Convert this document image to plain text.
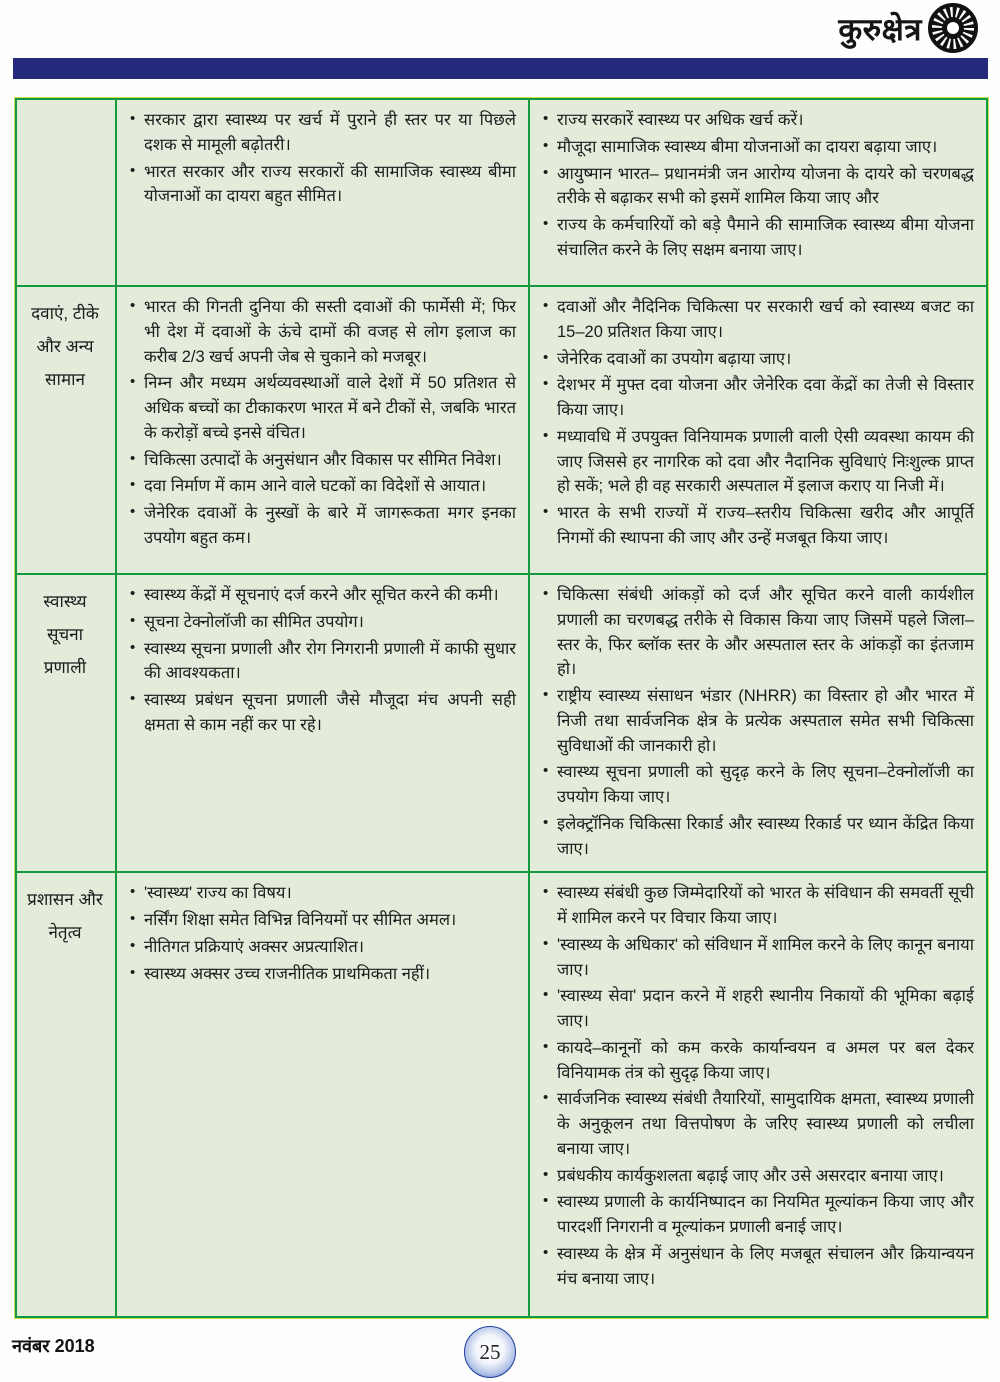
कुरुक्षेत्र
• सरकार द्वारा स्वास्थ्य पर खर्च में पुराने ही स्तर पर या पिछले दशक से मामूली बढ़ोतरी।
• भारत सरकार और राज्य सरकारों की सामाजिक स्वास्थ्य बीमा योजनाओं का दायरा बहुत सीमित।
• राज्य सरकारें स्वास्थ्य पर अधिक खर्च करें।
• मौजूदा सामाजिक स्वास्थ्य बीमा योजनाओं का दायरा बढ़ाया जाए।
• आयुष्मान भारत– प्रधानमंत्री जन आरोग्य योजना के दायरे को चरणबद्ध तरीके से बढ़ाकर सभी को इसमें शामिल किया जाए और
• राज्य के कर्मचारियों को बड़े पैमाने की सामाजिक स्वास्थ्य बीमा योजना संचालित करने के लिए सक्षम बनाया जाए।
दवाएं, टीके और अन्य सामान
• भारत की गिनती दुनिया की सस्ती दवाओं की फार्मेसी में; फिर भी देश में दवाओं के ऊंचे दामों की वजह से लोग इलाज का करीब 2/3 खर्च अपनी जेब से चुकाने को मजबूर।
• निम्न और मध्यम अर्थव्यवस्थाओं वाले देशों में 50 प्रतिशत से अधिक बच्चों का टीकाकरण भारत में बने टीकों से, जबकि भारत के करोड़ों बच्चे इनसे वंचित।
• चिकित्सा उत्पादों के अनुसंधान और विकास पर सीमित निवेश।
• दवा निर्माण में काम आने वाले घटकों का विदेशों से आयात।
• जेनेरिक दवाओं के नुस्खों के बारे में जागरूकता मगर इनका उपयोग बहुत कम।
• दवाओं और नैदिनिक चिकित्सा पर सरकारी खर्च को स्वास्थ्य बजट का 15–20 प्रतिशत किया जाए।
• जेनेरिक दवाओं का उपयोग बढ़ाया जाए।
• देशभर में मुफ्त दवा योजना और जेनेरिक दवा केंद्रों का तेजी से विस्तार किया जाए।
• मध्यावधि में उपयुक्त विनियामक प्रणाली वाली ऐसी व्यवस्था कायम की जाए जिससे हर नागरिक को दवा और नैदानिक सुविधाएं निःशुल्क प्राप्त हो सकें; भले ही वह सरकारी अस्पताल में इलाज कराए या निजी में।
• भारत के सभी राज्यों में राज्य–स्तरीय चिकित्सा खरीद और आपूर्ति निगमों की स्थापना की जाए और उन्हें मजबूत किया जाए।
स्वास्थ्य सूचना प्रणाली
• स्वास्थ्य केंद्रों में सूचनाएं दर्ज करने और सूचित करने की कमी।
• सूचना टेक्नोलॉजी का सीमित उपयोग।
• स्वास्थ्य सूचना प्रणाली और रोग निगरानी प्रणाली में काफी सुधार की आवश्यकता।
• स्वास्थ्य प्रबंधन सूचना प्रणाली जैसे मौजूदा मंच अपनी सही क्षमता से काम नहीं कर पा रहे।
• चिकित्सा संबंधी आंकड़ों को दर्ज और सूचित करने वाली कार्यशील प्रणाली का चरणबद्ध तरीके से विकास किया जाए जिसमें पहले जिला–स्तर के, फिर ब्लॉक स्तर के और अस्पताल स्तर के आंकड़ों का इंतजाम हो।
• राष्ट्रीय स्वास्थ्य संसाधन भंडार (NHRR) का विस्तार हो और भारत में निजी तथा सार्वजनिक क्षेत्र के प्रत्येक अस्पताल समेत सभी चिकित्सा सुविधाओं की जानकारी हो।
• स्वास्थ्य सूचना प्रणाली को सुदृढ़ करने के लिए सूचना–टेक्नोलॉजी का उपयोग किया जाए।
• इलेक्ट्रॉनिक चिकित्सा रिकार्ड और स्वास्थ्य रिकार्ड पर ध्यान केंद्रित किया जाए।
प्रशासन और नेतृत्व
• 'स्वास्थ्य' राज्य का विषय।
• नर्सिंग शिक्षा समेत विभिन्न विनियमों पर सीमित अमल।
• नीतिगत प्रक्रियाएं अक्सर अप्रत्याशित।
• स्वास्थ्य अक्सर उच्च राजनीतिक प्राथमिकता नहीं।
• स्वास्थ्य संबंधी कुछ जिम्मेदारियों को भारत के संविधान की समवर्ती सूची में शामिल करने पर विचार किया जाए।
• 'स्वास्थ्य के अधिकार' को संविधान में शामिल करने के लिए कानून बनाया जाए।
• 'स्वास्थ्य सेवा' प्रदान करने में शहरी स्थानीय निकायों की भूमिका बढ़ाई जाए।
• कायदे–कानूनों को कम करके कार्यान्वयन व अमल पर बल देकर विनियामक तंत्र को सुदृढ़ किया जाए।
• सार्वजनिक स्वास्थ्य संबंधी तैयारियों, सामुदायिक क्षमता, स्वास्थ्य प्रणाली के अनुकूलन तथा वित्तपोषण के जरिए स्वास्थ्य प्रणाली को लचीला बनाया जाए।
• प्रबंधकीय कार्यकुशलता बढ़ाई जाए और उसे असरदार बनाया जाए।
• स्वास्थ्य प्रणाली के कार्यनिष्पादन का नियमित मूल्यांकन किया जाए और पारदर्शी निगरानी व मूल्यांकन प्रणाली बनाई जाए।
• स्वास्थ्य के क्षेत्र में अनुसंधान के लिए मजबूत संचालन और क्रियान्वयन मंच बनाया जाए।
नवंबर 2018	25
